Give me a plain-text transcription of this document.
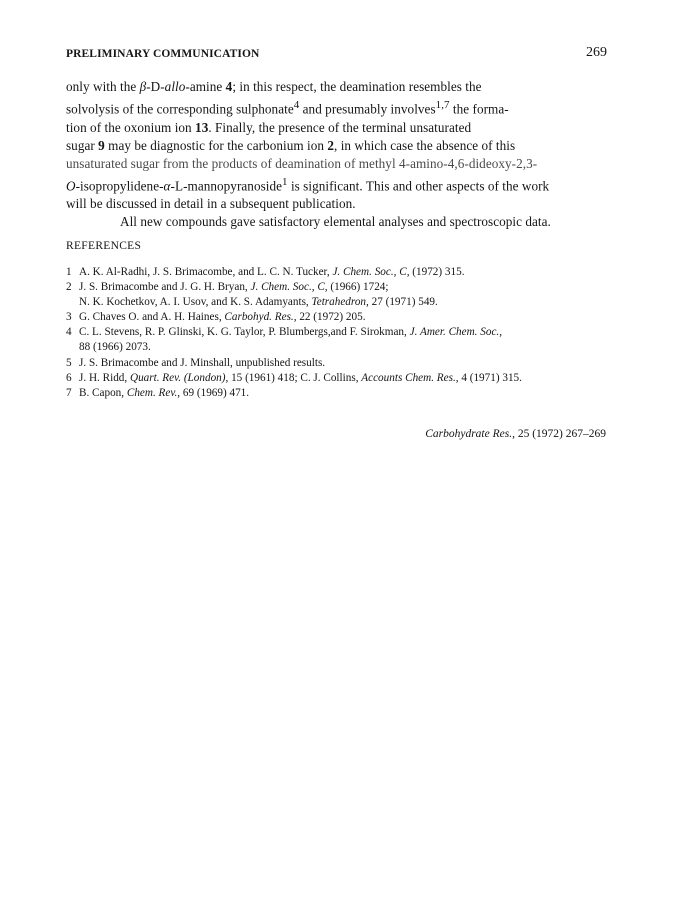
PRELIMINARY COMMUNICATION	269
only with the β-D-allo-amine 4; in this respect, the deamination resembles the
solvolysis of the corresponding sulphonate$^4$ and presumably involves$^{1,7}$ the forma-
tion of the oxonium ion 13. Finally, the presence of the terminal unsaturated
sugar 9 may be diagnostic for the carbonium ion 2, in which case the absence of this
unsaturated sugar from the products of deamination of methyl 4-amino-4,6-dideoxy-2,3-
O-isopropylidene-α-L-mannopyranoside$^1$ is significant. This and other aspects of the work
will be discussed in detail in a subsequent publication.
All new compounds gave satisfactory elemental analyses and spectroscopic data.
REFERENCES
1 A. K. Al-Radhi, J. S. Brimacombe, and L. C. N. Tucker, J. Chem. Soc., C, (1972) 315.
2 J. S. Brimacombe and J. G. H. Bryan, J. Chem. Soc., C, (1966) 1724;
N. K. Kochetkov, A. I. Usov, and K. S. Adamyants, Tetrahedron, 27 (1971) 549.
3 G. Chaves O. and A. H. Haines, Carbohyd. Res., 22 (1972) 205.
4 C. L. Stevens, R. P. Glinski, K. G. Taylor, P. Blumbergs,and F. Sirokman, J. Amer. Chem. Soc.,
88 (1966) 2073.
5 J. S. Brimacombe and J. Minshall, unpublished results.
6 J. H. Ridd, Quart. Rev. (London), 15 (1961) 418; C. J. Collins, Accounts Chem. Res., 4 (1971) 315.
7 B. Capon, Chem. Rev., 69 (1969) 471.
Carbohydrate Res., 25 (1972) 267–269
